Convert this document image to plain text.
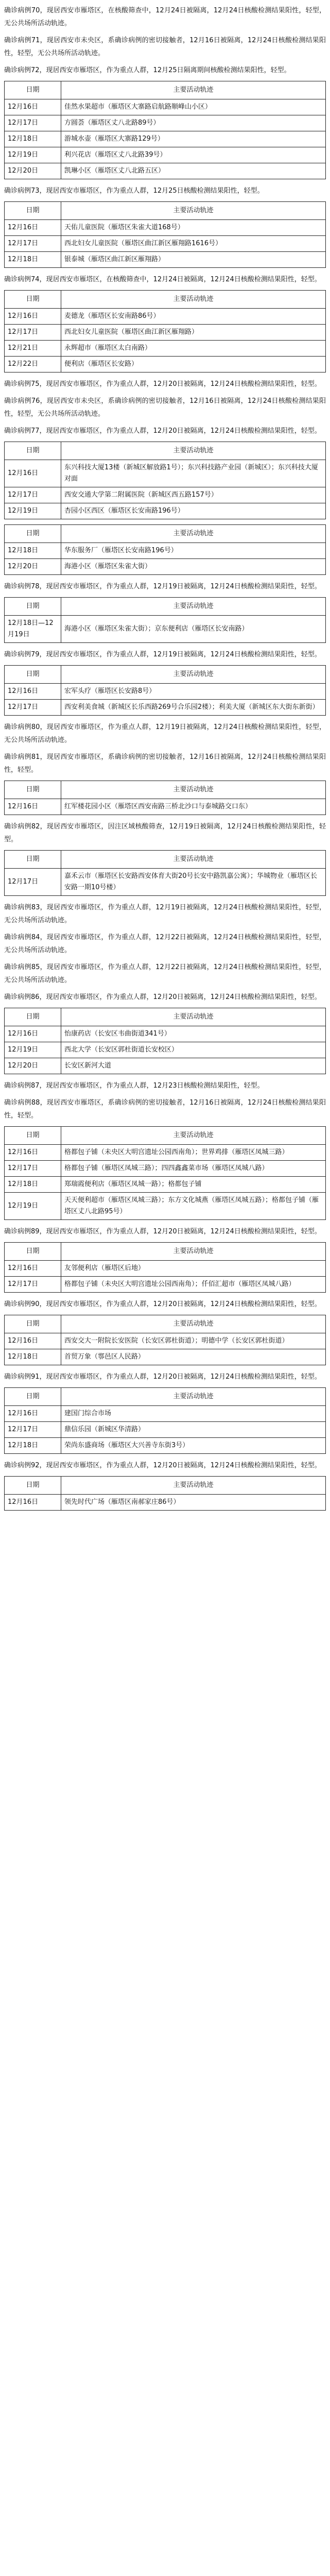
确诊病例70，现居西安市雁塔区，在核酸筛查中，12月24日被隔离，12月24日核酸检测结果阳性，轻型，无公共场所活动轨迹。

确诊病例71，现居西安市未央区，系确诊病例的密切接触者，12月16日被隔离，12月24日核酸检测结果阳性，轻型，无公共场所活动轨迹。

确诊病例72，现居西安市雁塔区，作为重点人群，12月25日隔离期间核酸检测结果阳性，轻型。

日期	主要活动轨迹
12月16日	佳然水果超市（雁塔区大寨路启航路顺峰山小区）
12月17日	方圆荟（雁塔区丈八北路89号）
12月18日	游城水壶（雁塔区大寨路129号）
12月19日	利兴花店（雁塔区丈八北路39号）
12月20日	凯琳小区（雁塔区丈八北路五区）

确诊病例73，现居西安市雁塔区，作为重点人群，12月25日核酸检测结果阳性，轻型。

日期	主要活动轨迹
12月16日	天佑儿童医院（雁塔区朱雀大道168号）
12月17日	西北妇女儿童医院（雁塔区曲江新区雁翔路1616号）
12月18日	银泰城（雁塔区曲江新区雁翔路）

确诊病例74，现居西安市雁塔区，在核酸筛查中，12月24日被隔离，12月24日核酸检测结果阳性，轻型。

日期	主要活动轨迹
12月16日	麦德龙（雁塔区长安南路86号）
12月17日	西北妇女儿童医院（雁塔区曲江新区雁翔路）
12月21日	永辉超市（雁塔区太白南路）
12月22日	便利店（雁塔区长安路）

确诊病例75，现居西安市雁塔区，作为重点人群，12月20日被隔离，12月24日核酸检测结果阳性，轻型。

确诊病例76，现居西安市未央区，系确诊病例的密切接触者，12月16日被隔离，12月24日核酸检测结果阳性，轻型，无公共场所活动轨迹。

确诊病例77，现居西安市雁塔区，作为重点人群，12月20日被隔离，12月24日核酸检测结果阳性，轻型。

日期	主要活动轨迹
12月16日	东兴科技大厦13楼（新城区解放路1号）；东兴科技路产业园（新城区）；东兴科技大厦对面
12月17日	西安交通大学第二附属医院（新城区西五路157号）
12月19日	杏园小区西区（雁塔区长安南路196号）
日期	主要活动轨迹
12月18日	华东服务厂（雁塔区长安南路196号）
12月20日	海港小区（雁塔区朱雀大街）

确诊病例78，现居西安市雁塔区，作为重点人群，12月19日被隔离，12月24日核酸检测结果阳性，轻型。

日期	主要活动轨迹
12月18日—12月19日	海港小区（雁塔区朱雀大街）；京东便利店（雁塔区长安南路）

确诊病例79，现居西安市雁塔区，作为重点人群，12月19日被隔离，12月24日核酸检测结果阳性，轻型。

日期	主要活动轨迹
12月16日	宏军头疗（雁塔区长安路8号）
12月17日	西安利美食城（新城区长乐西路269号合乐园2楼）；利美大厦（新城区东大街东新街）

确诊病例80，现居西安市雁塔区，作为重点人群，12月19日被隔离，12月24日核酸检测结果阳性，轻型，无公共场所活动轨迹。

确诊病例81，现居西安市雁塔区，系确诊病例的密切接触者，12月16日被隔离，12月24日核酸检测结果阳性，轻型。

日期	主要活动轨迹
12月16日	红军楼花园小区（雁塔区西安南路三桥北沙口与泰城路交口东）

确诊病例82，现居西安市雁塔区，因注区域核酸筛查，12月19日被隔离，12月24日核酸检测结果阳性，轻型。

日期	主要活动轨迹
12月17日	嘉禾云市（雁塔区长安路西安体育大街20号长安中路凯嘉公寓）；华城物业（雁塔区长安路一期10号楼）

确诊病例83，现居西安市雁塔区，作为重点人群，12月19日被隔离，12月24日核酸检测结果阳性，轻型，无公共场所活动轨迹。

确诊病例84，现居西安市雁塔区，作为重点人群，12月22日被隔离，12月24日核酸检测结果阳性，轻型，无公共场所活动轨迹。

确诊病例85，现居西安市雁塔区，作为重点人群，12月22日被隔离，12月24日核酸检测结果阳性，轻型，无公共场所活动轨迹。

确诊病例86，现居西安市雁塔区，作为重点人群，12月20日被隔离，12月24日核酸检测结果阳性，轻型。

日期	主要活动轨迹
12月16日	怡康药店（长安区韦曲街道341号）
12月19日	西北大学（长安区郭杜街道长安校区）
12月20日	长安区新河大道

确诊病例87，现居西安市雁塔区，作为重点人群，12月23日核酸检测结果阳性，轻型。

确诊病例88，现居西安市雁塔区，系确诊病例的密切接触者，12月16日被隔离，12月24日核酸检测结果阳性，轻型。

日期	主要活动轨迹
12月16日	格都包子铺（未央区大明宫遗址公园西南角）；世界鸡排（雁塔区凤城三路）
12月17日	格都包子铺（雁塔区凤城三路）；四四鑫鑫菜市场（雁塔区凤城八路）
12月18日	郑瑞霞便利店（雁塔区凤城一路）；格都包子铺
12月19日	天天便利超市（雁塔区凤城三路）；东方文化城燕（雁塔区凤城五路）；格都包子铺（雁塔区丈八北路95号）

确诊病例89，现居西安市雁塔区，作为重点人群，12月20日被隔离，12月24日核酸检测结果阳性，轻型。

日期	主要活动轨迹
12月16日	友邻便利店（雁塔区后地）
12月17日	格都包子铺（未央区大明宫遗址公园西南角）；仟佰汇超市（雁塔区凤城八路）

确诊病例90，现居西安市雁塔区，作为重点人群，12月20日被隔离，12月24日核酸检测结果阳性，轻型。

日期	主要活动轨迹
12月16日	西安交大一附院长安医院（长安区郭杜街道）；明德中学（长安区郭杜街道）
12月18日	首贸万象（鄠邑区人民路）

确诊病例91，现居西安市雁塔区，作为重点人群，12月20日被隔离，12月24日核酸检测结果阳性，轻型。

日期	主要活动轨迹
12月16日	建国门综合市场
12月17日	鼎信乐园（新城区华清路）
12月18日	荣尚东盛商场（雁塔区大兴善寺东街3号）

确诊病例92，现居西安市雁塔区，作为重点人群，12月20日被隔离，12月24日核酸检测结果阳性，轻型。

日期	主要活动轨迹
12月16日	领先时代广场（雁塔区南郝家庄86号）
